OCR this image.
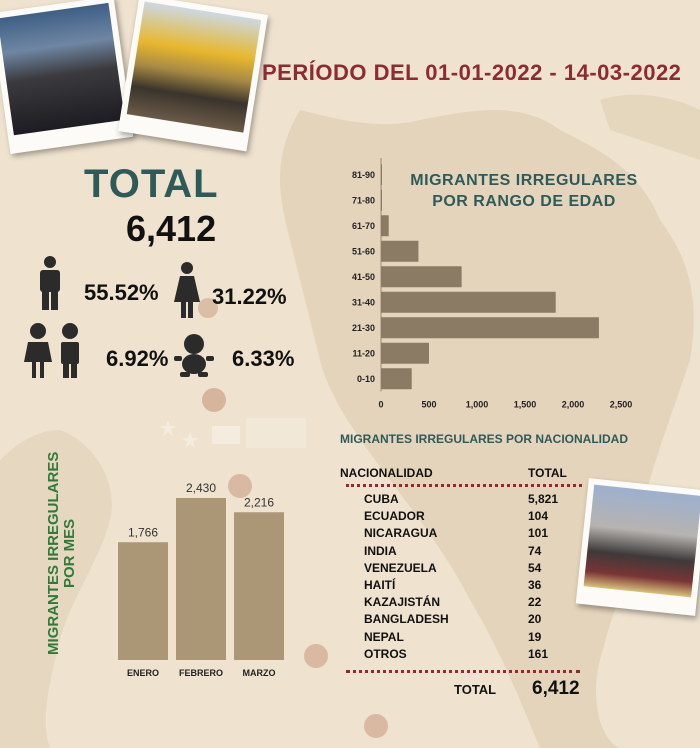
PERÍODO DEL 01-01-2022 - 14-03-2022
TOTAL
6,412
55.52% 31.22%
6.92%	6.33%
MIGRANTES IRREGULARES POR RANGO DE EDAD
81-90
71-80
61-70
51-60
41-50
31-40
21-30
11-20
0-10
0	500	1,000	1,500	2,000	2,500
MIGRANTES IRREGULARES POR NACIONALIDAD
NACIONALIDAD	TOTAL
CUBA	5,821
ECUADOR	104
NICARAGUA	101
INDIA	74
VENEZUELA	54
HAITÍ	36
KAZAJISTÁN	22
BANGLADESH	20
NEPAL	19
OTROS	161
TOTAL 6,412
MIGRANTES IRREGULARES POR MES	1,766
ENERO
2,430
FEBRERO
2,216
MARZO
